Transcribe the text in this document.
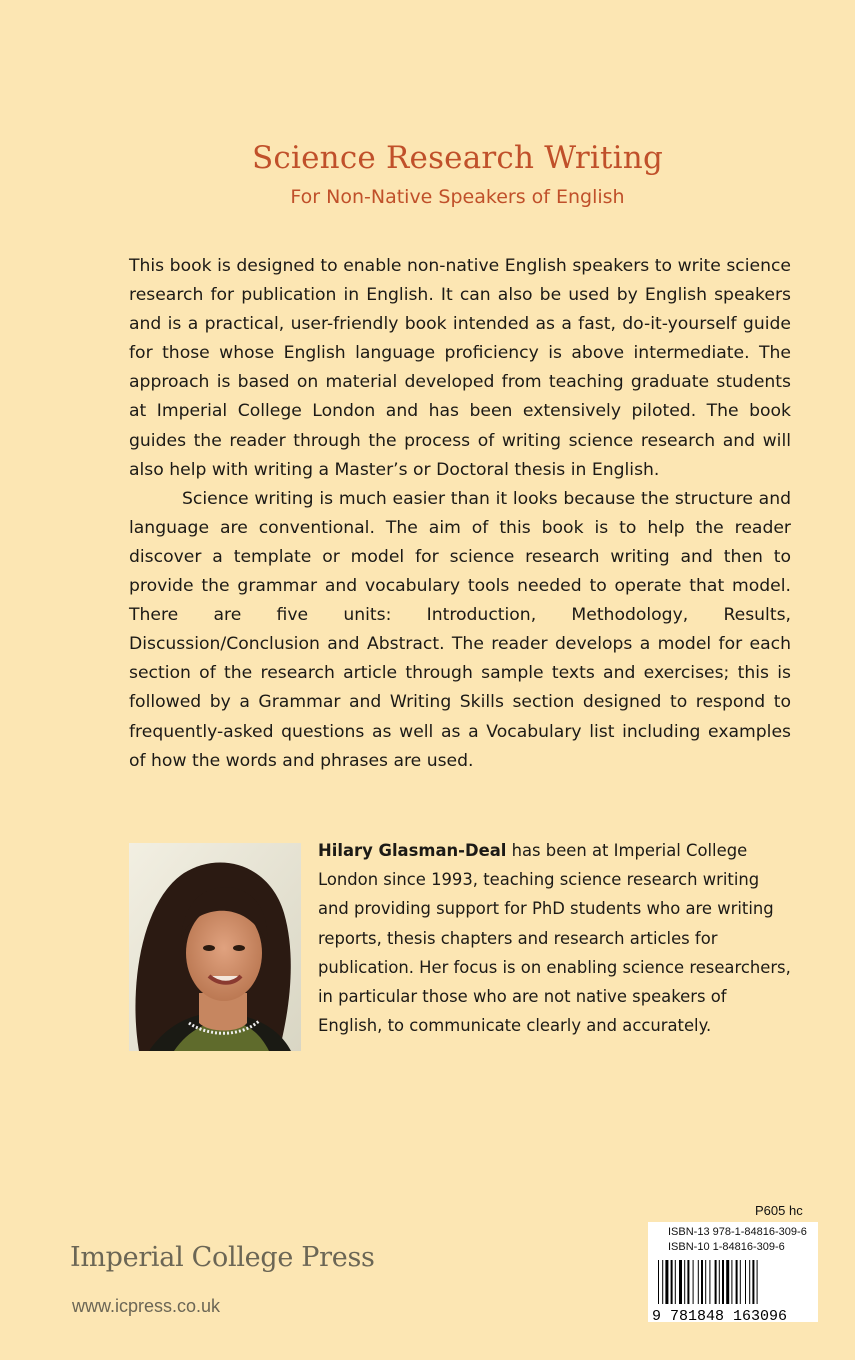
Science Research Writing
For Non-Native Speakers of English

This book is designed to enable non-native English speakers to write science research for publication in English. It can also be used by English speakers and is a practical, user-friendly book intended as a fast, do-it-yourself guide for those whose English language proficiency is above intermediate. The approach is based on material developed from teaching graduate students at Imperial College London and has been extensively piloted. The book guides the reader through the process of writing science research and will also help with writing a Master’s or Doctoral thesis in English.

Science writing is much easier than it looks because the structure and language are conventional. The aim of this book is to help the reader discover a template or model for science research writing and then to provide the grammar and vocabulary tools needed to operate that model. There are five units: Introduction, Methodology, Results, Discussion/Conclusion and Abstract. The reader develops a model for each section of the research article through sample texts and exercises; this is followed by a Grammar and Writing Skills section designed to respond to frequently-asked questions as well as a Vocabulary list including examples of how the words and phrases are used.

Hilary Glasman-Deal has been at Imperial College London since 1993, teaching science research writing and providing support for PhD students who are writing reports, thesis chapters and research articles for publication. Her focus is on enabling science researchers, in particular those who are not native speakers of English, to communicate clearly and accurately.
Imperial College Press
www.icpress.co.uk
P605 hc
ISBN-13 978-1-84816-309-6
ISBN-10 1-84816-309-6
9 781848 163096
